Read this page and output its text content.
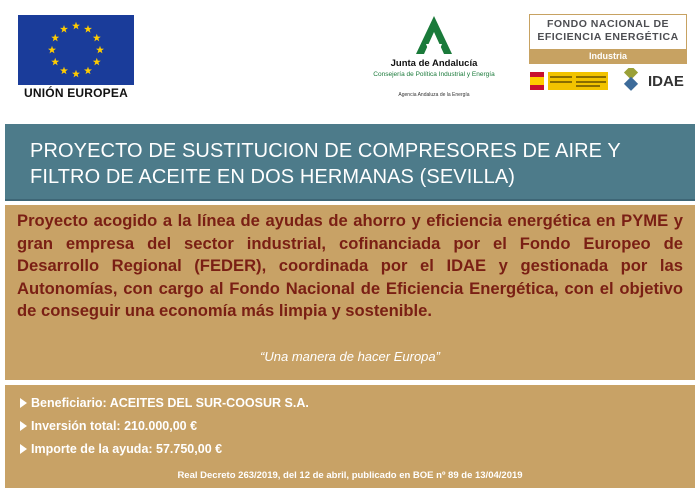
UNIÓN EUROPEA
Junta de Andalucía
Consejería de Política Industrial y Energía
Agencia Andaluza de la Energía
FONDO NACIONAL DE EFICIENCIA ENERGÉTICA
Industria
IDAE
PROYECTO DE SUSTITUCION DE COMPRESORES DE AIRE Y FILTRO DE ACEITE EN DOS HERMANAS (SEVILLA)
Proyecto acogido a la línea de ayudas de ahorro y eficiencia energética en PYME y gran empresa del sector industrial, cofinanciada por el Fondo Europeo de Desarrollo Regional (FEDER), coordinada por el IDAE y gestionada por las Autonomías, con cargo al Fondo Nacional de Eficiencia Energética, con el objetivo de conseguir una economía más limpia y sostenible.
“Una manera de hacer Europa”
Beneficiario: ACEITES DEL SUR-COOSUR S.A.
Inversión total: 210.000,00 €
Importe de la ayuda: 57.750,00 €
Real Decreto 263/2019, del 12 de abril, publicado en BOE nº 89 de 13/04/2019
